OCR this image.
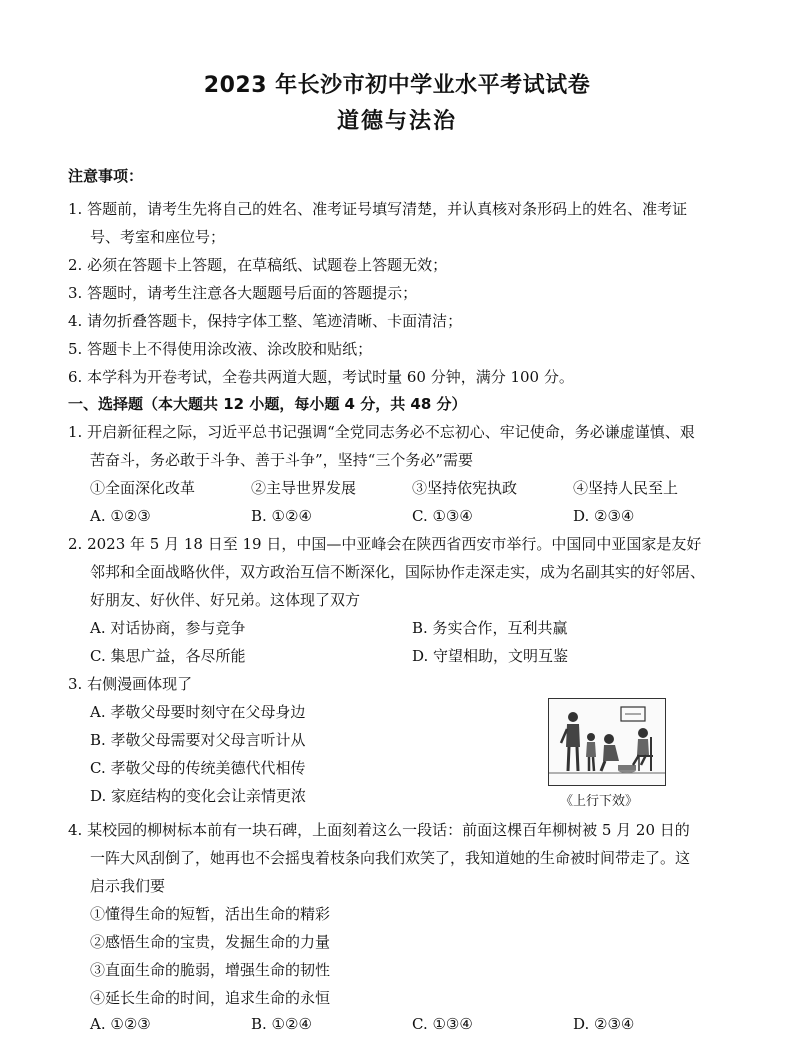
2023 年长沙市初中学业水平考试试卷
道德与法治
注意事项：
1. 答题前，请考生先将自己的姓名、准考证号填写清楚，并认真核对条形码上的姓名、准考证
号、考室和座位号；
2. 必须在答题卡上答题，在草稿纸、试题卷上答题无效；
3. 答题时，请考生注意各大题题号后面的答题提示；
4. 请勿折叠答题卡，保持字体工整、笔迹清晰、卡面清洁；
5. 答题卡上不得使用涂改液、涂改胶和贴纸；
6. 本学科为开卷考试，全卷共两道大题，考试时量 60 分钟，满分 100 分。
一、选择题（本大题共 12 小题，每小题 4 分，共 48 分）
1. 开启新征程之际，习近平总书记强调“全党同志务必不忘初心、牢记使命，务必谦虚谨慎、艰
苦奋斗，务必敢于斗争、善于斗争”，坚持“三个务必”需要
①全面深化改革	②主导世界发展	③坚持依宪执政	④坚持人民至上
A. ①②③	B. ①②④	C. ①③④	D. ②③④
2. 2023 年 5 月 18 日至 19 日，中国—中亚峰会在陕西省西安市举行。中国同中亚国家是友好
邻邦和全面战略伙伴，双方政治互信不断深化，国际协作走深走实，成为名副其实的好邻居、
好朋友、好伙伴、好兄弟。这体现了双方
A. 对话协商，参与竞争	B. 务实合作，互利共赢
C. 集思广益，各尽所能	D. 守望相助，文明互鉴
3. 右侧漫画体现了
A. 孝敬父母要时刻守在父母身边
B. 孝敬父母需要对父母言听计从
C. 孝敬父母的传统美德代代相传
D. 家庭结构的变化会让亲情更浓	《上行下效》
4. 某校园的柳树标本前有一块石碑，上面刻着这么一段话：前面这棵百年柳树被 5 月 20 日的
一阵大风刮倒了，她再也不会摇曳着枝条向我们欢笑了，我知道她的生命被时间带走了。这
启示我们要
①懂得生命的短暂，活出生命的精彩
②感悟生命的宝贵，发掘生命的力量
③直面生命的脆弱，增强生命的韧性
④延长生命的时间，追求生命的永恒
A. ①②③	B. ①②④	C. ①③④	D. ②③④
